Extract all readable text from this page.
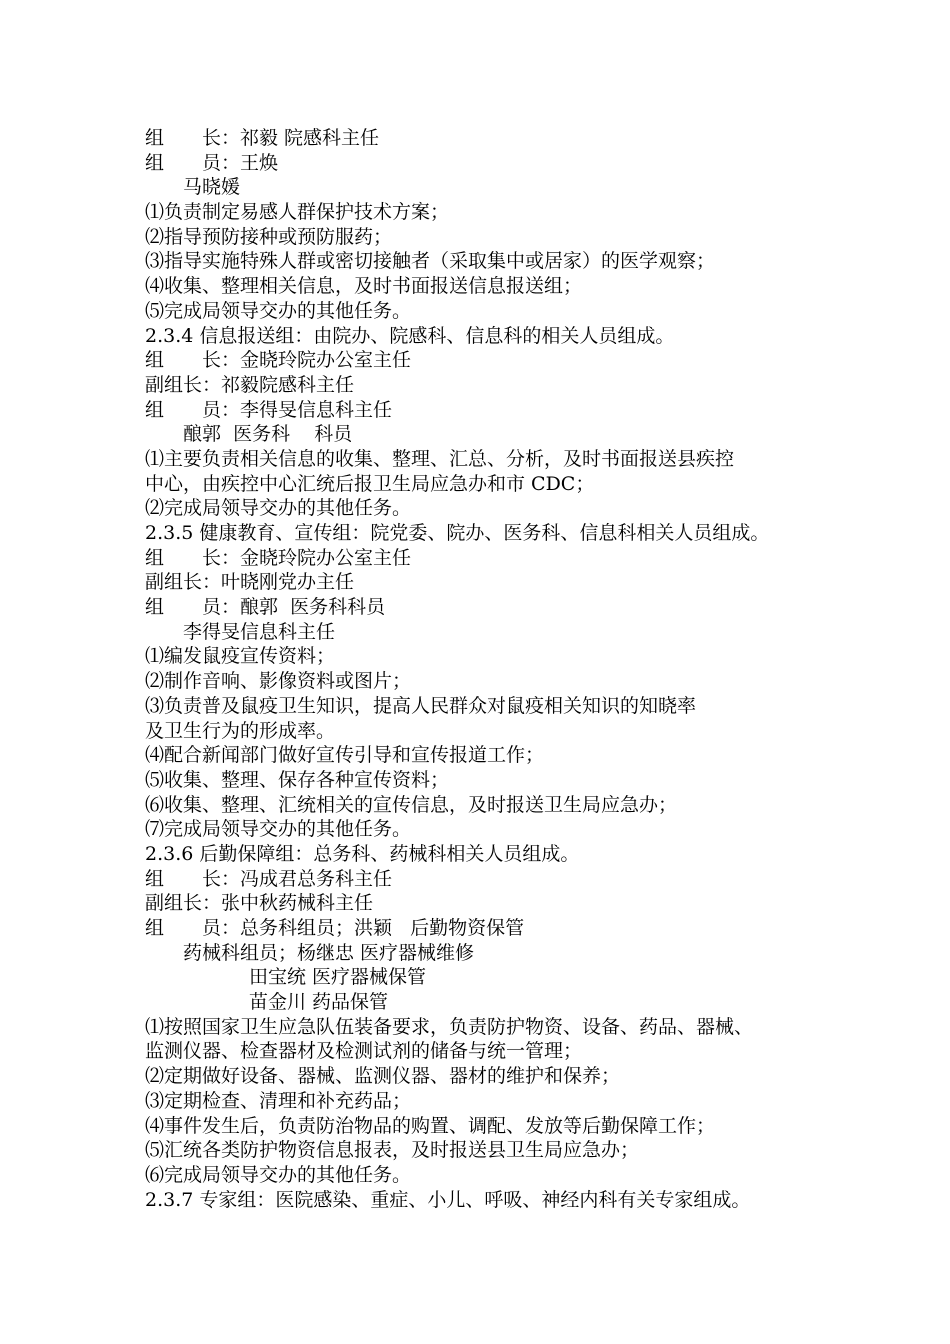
组　　长：祁毅 院感科主任
组　　员：王焕
马晓媛
⑴负责制定易感人群保护技术方案；
⑵指导预防接种或预防服药；
⑶指导实施特殊人群或密切接触者（采取集中或居家）的医学观察；
⑷收集、整理相关信息，及时书面报送信息报送组；
⑸完成局领导交办的其他任务。
2.3.4 信息报送组：由院办、院感科、信息科的相关人员组成。
组　　长：金晓玲院办公室主任
副组长：祁毅院感科主任
组　　员：李得旻信息科主任
酿郭  医务科    科员
⑴主要负责相关信息的收集、整理、汇总、分析，及时书面报送县疾控
中心，由疾控中心汇统后报卫生局应急办和市 CDC；
⑵完成局领导交办的其他任务。
2.3.5 健康教育、宣传组：院党委、院办、医务科、信息科相关人员组成。
组　　长：金晓玲院办公室主任
副组长：叶晓刚党办主任
组　　员：酿郭  医务科科员
李得旻信息科主任
⑴编发鼠疫宣传资料；
⑵制作音响、影像资料或图片；
⑶负责普及鼠疫卫生知识，提高人民群众对鼠疫相关知识的知晓率
及卫生行为的形成率。
⑷配合新闻部门做好宣传引导和宣传报道工作；
⑸收集、整理、保存各种宣传资料；
⑹收集、整理、汇统相关的宣传信息，及时报送卫生局应急办；
⑺完成局领导交办的其他任务。
2.3.6 后勤保障组：总务科、药械科相关人员组成。
组　　长：冯成君总务科主任
副组长：张中秋药械科主任
组　　员：总务科组员；洪颖   后勤物资保管
药械科组员；杨继忠 医疗器械维修
田宝统 医疗器械保管
苗金川 药品保管
⑴按照国家卫生应急队伍装备要求，负责防护物资、设备、药品、器械、
监测仪器、检查器材及检测试剂的储备与统一管理；
⑵定期做好设备、器械、监测仪器、器材的维护和保养；
⑶定期检查、清理和补充药品；
⑷事件发生后，负责防治物品的购置、调配、发放等后勤保障工作；
⑸汇统各类防护物资信息报表，及时报送县卫生局应急办；
⑹完成局领导交办的其他任务。
2.3.7 专家组：医院感染、重症、小儿、呼吸、神经内科有关专家组成。
